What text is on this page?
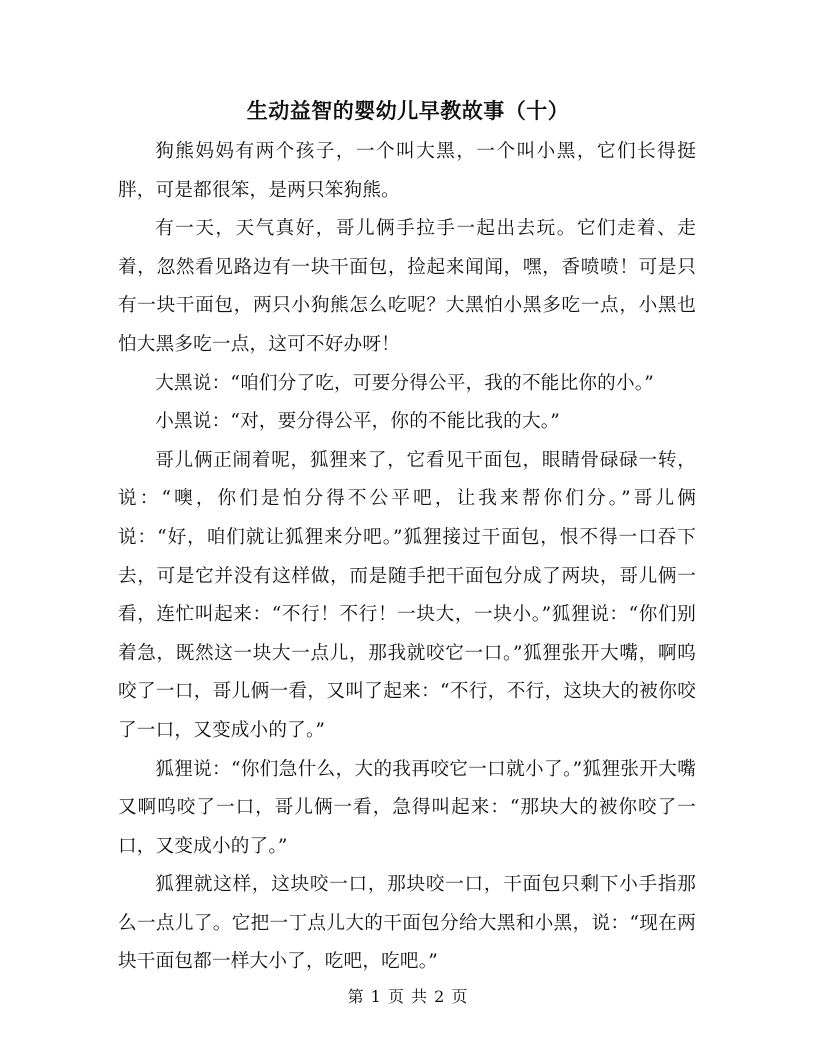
生动益智的婴幼儿早教故事（十）

狗熊妈妈有两个孩子，一个叫大黑，一个叫小黑，它们长得挺胖，可是都很笨，是两只笨狗熊。

有一天，天气真好，哥儿俩手拉手一起出去玩。它们走着、走着，忽然看见路边有一块干面包，捡起来闻闻，嘿，香喷喷！可是只有一块干面包，两只小狗熊怎么吃呢？大黑怕小黑多吃一点，小黑也怕大黑多吃一点，这可不好办呀！

大黑说：“咱们分了吃，可要分得公平，我的不能比你的小。”

小黑说：“对，要分得公平，你的不能比我的大。”

哥儿俩正闹着呢，狐狸来了，它看见干面包，眼睛骨碌碌一转，说：“噢，你们是怕分得不公平吧，让我来帮你们分。”哥儿俩说：“好，咱们就让狐狸来分吧。”狐狸接过干面包，恨不得一口吞下去，可是它并没有这样做，而是随手把干面包分成了两块，哥儿俩一看，连忙叫起来：“不行！不行！一块大，一块小。”狐狸说：“你们别着急，既然这一块大一点儿，那我就咬它一口。”狐狸张开大嘴，啊呜咬了一口，哥儿俩一看，又叫了起来：“不行，不行，这块大的被你咬了一口，又变成小的了。”

狐狸说：“你们急什么，大的我再咬它一口就小了。”狐狸张开大嘴又啊呜咬了一口，哥儿俩一看，急得叫起来：“那块大的被你咬了一口，又变成小的了。”

狐狸就这样，这块咬一口，那块咬一口，干面包只剩下小手指那么一点儿了。它把一丁点儿大的干面包分给大黑和小黑，说：“现在两块干面包都一样大小了，吃吧，吃吧。”

第 1 页 共 2 页
